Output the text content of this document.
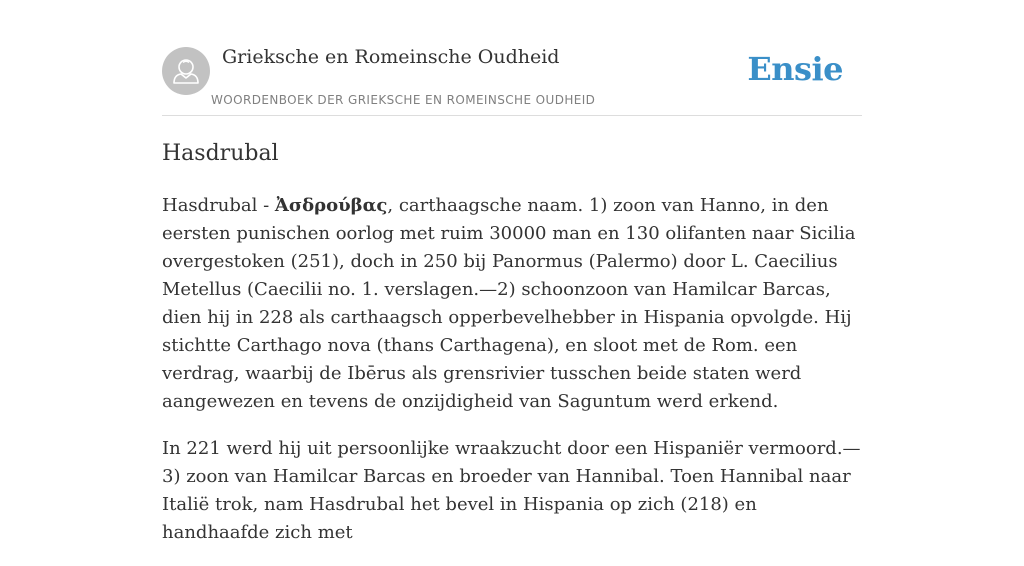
Grieksche en Romeinsche Oudheid
WOORDENBOEK DER GRIEKSCHE EN ROMEINSCHE OUDHEID
Ensie
Hasdrubal

Hasdrubal - Ἀσδρούβας, carthaagsche naam. 1) zoon van Hanno, in den eersten punischen oorlog met ruim 30000 man en 130 olifanten naar Sicilia overgestoken (251), doch in 250 bij Panormus (Palermo) door L. Caecilius Metellus (Caecilii no. 1. verslagen.—2) schoonzoon van Hamilcar Barcas, dien hij in 228 als carthaagsch opperbevelhebber in Hispania opvolgde. Hij stichtte Carthago nova (thans Carthagena), en sloot met de Rom. een verdrag, waarbij de Ibērus als grensrivier tusschen beide staten werd aangewezen en tevens de onzijdigheid van Saguntum werd erkend.

In 221 werd hij uit persoonlijke wraakzucht door een Hispaniër vermoord.—3) zoon van Hamilcar Barcas en broeder van Hannibal. Toen Hannibal naar Italië trok, nam Hasdrubal het bevel in Hispania op zich (218) en handhaafde zich met
